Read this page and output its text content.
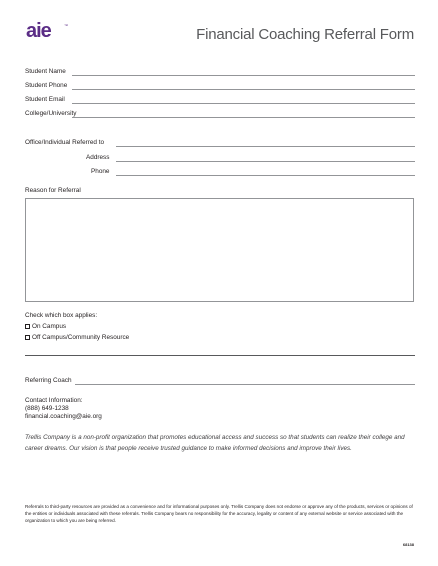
aie	™
Financial Coaching Referral Form
Student Name
Student Phone
Student Email
College/University
Office/Individual Referred to
Address
Phone
Reason for Referral
Check which box applies:
On Campus
Off Campus/Community Resource
Referring Coach
Contact Information:
(888) 649-1238
financial.coaching@aie.org
Trellis Company is a non-profit organization that promotes educational access and success so that students can realize their college and career dreams. Our vision is that people receive trusted guidance to make informed decisions and improve their lives.
Referrals to third-party resources are provided as a convenience and for informational purposes only. Trellis Company does not endorse or approve any of the products, services or opinions of the entities or individuals associated with these referrals. Trellis Company bears no responsibility for the accuracy, legality or content of any external website or service associated with the organization to which you are being referred.
68138
